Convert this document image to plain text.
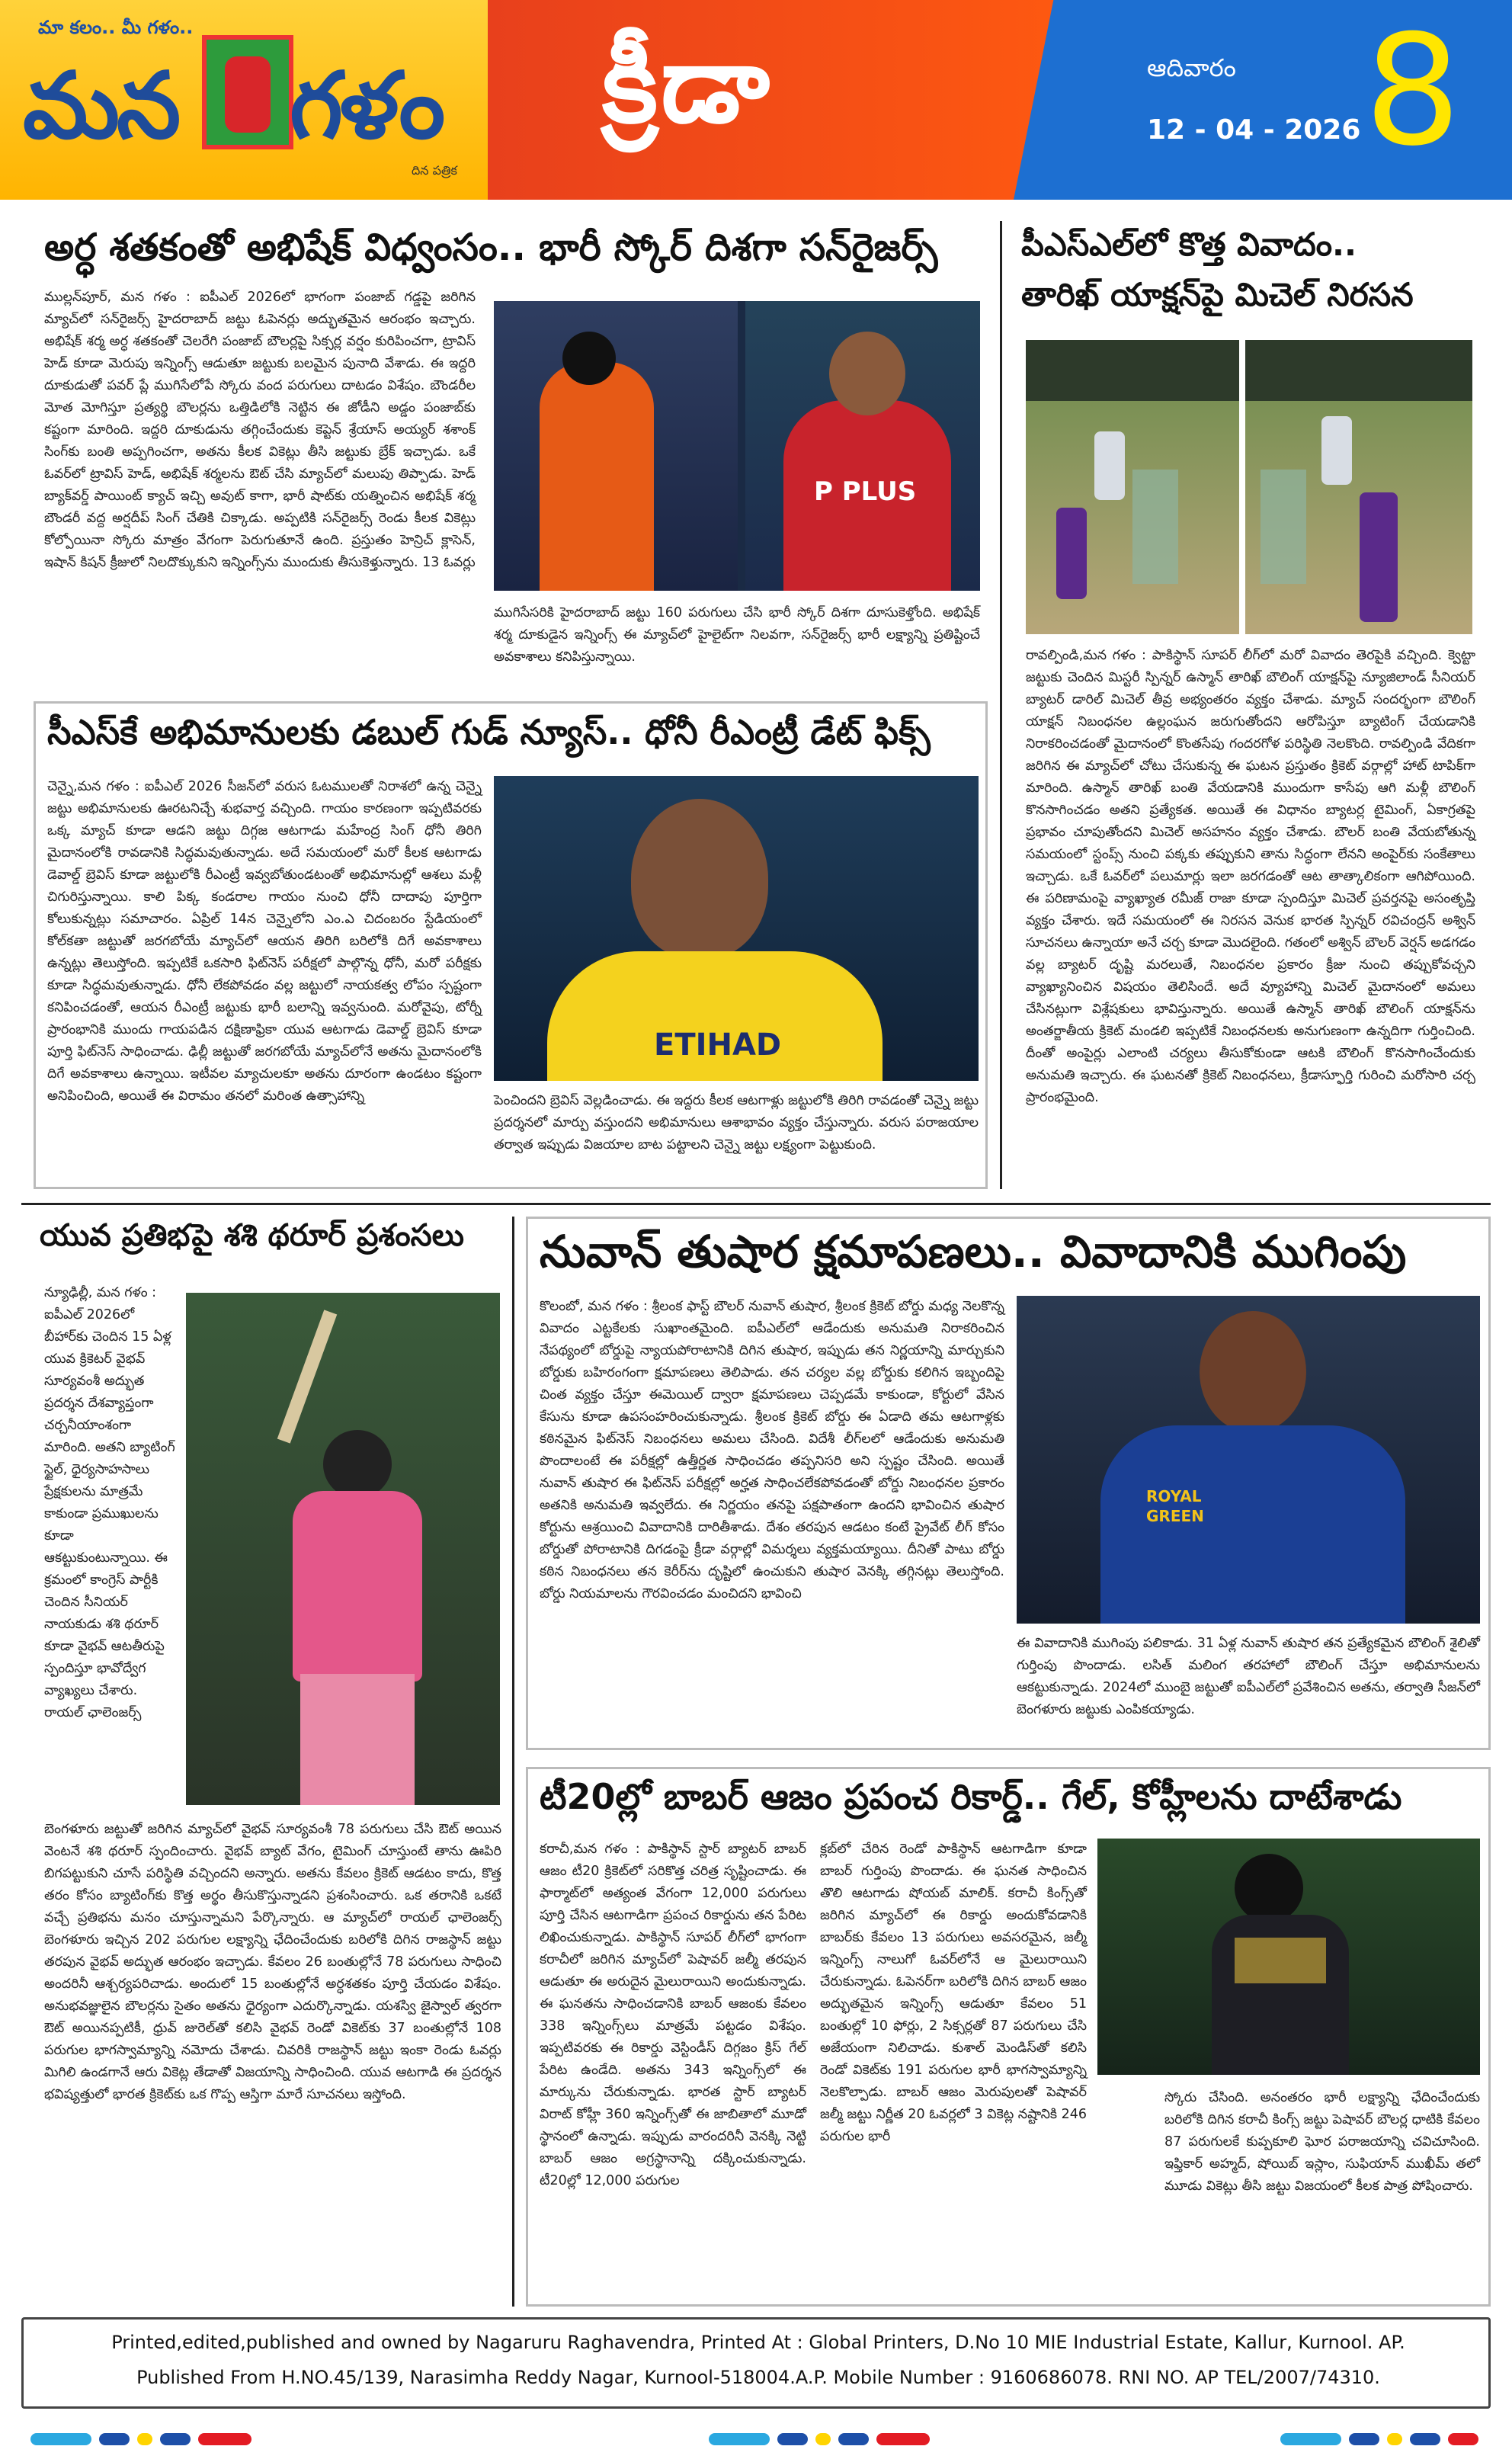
మా కలం.. మీ గళం..
మన గళం
దిన పత్రిక
క్రీడా	ఆదివారం
12 - 04 - 2026 8
అర్ధ శతకంతో అభిషేక్ విధ్వంసం.. భారీ స్కోర్ దిశగా సన్‌రైజర్స్
ముల్లన్‌పూర్, మన గళం : ఐపీఎల్ 2026లో భాగంగా పంజాబ్ గడ్డపై జరిగిన మ్యాచ్‌లో సన్‌రైజర్స్ హైదరాబాద్ జట్టు ఓపెనర్లు అద్భుతమైన ఆరంభం ఇచ్చారు. అభిషేక్ శర్మ అర్ధ శతకంతో చెలరేగి పంజాబ్ బౌలర్లపై సిక్సర్ల వర్షం కురిపించగా, ట్రావిస్ హెడ్ కూడా మెరుపు ఇన్నింగ్స్ ఆడుతూ జట్టుకు బలమైన పునాది వేశాడు. ఈ ఇద్దరి దూకుడుతో పవర్ ప్లే ముగిసేలోపే స్కోరు వంద పరుగులు దాటడం విశేషం. బౌండరీల మోత మోగిస్తూ ప్రత్యర్థి బౌలర్లను ఒత్తిడిలోకి నెట్టిన ఈ జోడీని అడ్డం పంజాబ్‌కు కష్టంగా మారింది. ఇద్దరి దూకుడును తగ్గించేందుకు కెప్టెన్ శ్రేయాస్ అయ్యర్ శశాంక్ సింగ్‌కు బంతి అప్పగించగా, అతను కీలక వికెట్లు తీసి జట్టుకు బ్రేక్ ఇచ్చాడు. ఒకే ఓవర్‌లో ట్రావిస్ హెడ్, అభిషేక్ శర్మలను ఔట్ చేసి మ్యాచ్‌లో మలుపు తిప్పాడు. హెడ్ బ్యాక్‌వర్డ్ పాయింట్ క్యాచ్ ఇచ్చి అవుట్ కాగా, భారీ షాట్‌కు యత్నించిన అభిషేక్ శర్మ బౌండరీ వద్ద అర్షదీప్ సింగ్ చేతికి చిక్కాడు. అప్పటికి సన్‌రైజర్స్ రెండు కీలక వికెట్లు కోల్పోయినా స్కోరు మాత్రం వేగంగా పెరుగుతూనే ఉంది. ప్రస్తుతం హెన్రిచ్ క్లాసెన్, ఇషాన్ కిషన్ క్రీజులో నిలదొక్కుకుని ఇన్నింగ్స్‌ను ముందుకు తీసుకెళ్తున్నారు. 13 ఓవర్లు
P PLUS
ముగిసేసరికి హైదరాబాద్ జట్టు 160 పరుగులు చేసి భారీ స్కోర్ దిశగా దూసుకెళ్తోంది. అభిషేక్ శర్మ దూకుడైన ఇన్నింగ్స్ ఈ మ్యాచ్‌లో హైలైట్‌గా నిలవగా, సన్‌రైజర్స్ భారీ లక్ష్యాన్ని ప్రతిష్టించే అవకాశాలు కనిపిస్తున్నాయి.
పీఎస్ఎల్‌లో కొత్త వివాదం..
తారిఖ్ యాక్షన్‌పై మిచెల్ నిరసన
రావల్పిండి,మన గళం : పాకిస్థాన్ సూపర్ లీగ్‌లో మరో వివాదం తెరపైకి వచ్చింది. క్వెట్టా జట్టుకు చెందిన మిస్టరీ స్పిన్నర్ ఉస్మాన్ తారిఖ్ బౌలింగ్ యాక్షన్‌పై న్యూజిలాండ్ సీనియర్ బ్యాటర్ డారిల్ మిచెల్ తీవ్ర అభ్యంతరం వ్యక్తం చేశాడు. మ్యాచ్ సందర్భంగా బౌలింగ్ యాక్షన్ నిబంధనల ఉల్లంఘన జరుగుతోందని ఆరోపిస్తూ బ్యాటింగ్ చేయడానికి నిరాకరించడంతో మైదానంలో కొంతసేపు గందరగోళ పరిస్థితి నెలకొంది. రావల్పిండి వేదికగా జరిగిన ఈ మ్యాచ్‌లో చోటు చేసుకున్న ఈ ఘటన ప్రస్తుతం క్రికెట్ వర్గాల్లో హాట్ టాపిక్‌గా మారింది. ఉస్మాన్ తారిఖ్ బంతి వేయడానికి ముందుగా కాసేపు ఆగి మళ్లీ బౌలింగ్ కొనసాగించడం అతని ప్రత్యేకత. అయితే ఈ విధానం బ్యాటర్ల టైమింగ్, ఏకాగ్రతపై ప్రభావం చూపుతోందని మిచెల్ అసహనం వ్యక్తం చేశాడు. బౌలర్ బంతి వేయబోతున్న సమయంలో స్టంప్స్ నుంచి పక్కకు తప్పుకుని తాను సిద్ధంగా లేనని అంపైర్‌కు సంకేతాలు ఇచ్చాడు. ఒకే ఓవర్‌లో పలుమార్లు ఇలా జరగడంతో ఆట తాత్కాలికంగా ఆగిపోయింది. ఈ పరిణామంపై వ్యాఖ్యాత రమీజ్ రాజా కూడా స్పందిస్తూ మిచెల్ ప్రవర్తనపై అసంతృప్తి వ్యక్తం చేశారు. ఇదే సమయంలో ఈ నిరసన వెనుక భారత స్పిన్నర్ రవిచంద్రన్ అశ్విన్ సూచనలు ఉన్నాయా అనే చర్చ కూడా మొదలైంది. గతంలో అశ్విన్ బౌలర్ వెర్షన్ అడగడం వల్ల బ్యాటర్ దృష్టి మరలుతే, నిబంధనల ప్రకారం క్రీజు నుంచి తప్పుకోవచ్చని వ్యాఖ్యానించిన విషయం తెలిసిందే. అదే వ్యూహాన్ని మిచెల్ మైదానంలో అమలు చేసినట్లుగా విశ్లేషకులు భావిస్తున్నారు. అయితే ఉస్మాన్ తారిఖ్ బౌలింగ్ యాక్షన్‌ను అంతర్జాతీయ క్రికెట్ మండలి ఇప్పటికే నిబంధనలకు అనుగుణంగా ఉన్నదిగా గుర్తించింది. దీంతో అంపైర్లు ఎలాంటి చర్యలు తీసుకోకుండా ఆటకి బౌలింగ్ కొనసాగించేందుకు అనుమతి ఇచ్చారు. ఈ ఘటనతో క్రికెట్ నిబంధనలు, క్రీడాస్ఫూర్తి గురించి మరోసారి చర్చ ప్రారంభమైంది.
సీఎస్‌కే అభిమానులకు డబుల్ గుడ్ న్యూస్.. ధోనీ రీఎంట్రీ డేట్ ఫిక్స్
చెన్నై,మన గళం : ఐపీఎల్ 2026 సీజన్‌లో వరుస ఓటములతో నిరాశలో ఉన్న చెన్నై జట్టు అభిమానులకు ఊరటనిచ్చే శుభవార్త వచ్చింది. గాయం కారణంగా ఇప్పటివరకు ఒక్క మ్యాచ్ కూడా ఆడని జట్టు దిగ్గజ ఆటగాడు మహేంద్ర సింగ్ ధోనీ తిరిగి మైదానంలోకి రావడానికి సిద్ధమవుతున్నాడు. అదే సమయంలో మరో కీలక ఆటగాడు డెవాల్డ్ బ్రెవిస్ కూడా జట్టులోకి రీఎంట్రీ ఇవ్వబోతుండటంతో అభిమానుల్లో ఆశలు మళ్లీ చిగురిస్తున్నాయి. కాలి పిక్క కండరాల గాయం నుంచి ధోనీ దాదాపు పూర్తిగా కోలుకున్నట్లు సమాచారం. ఏప్రిల్ 14న చెన్నైలోని ఎం.ఎ చిదంబరం స్టేడియంలో కోల్‌కతా జట్టుతో జరగబోయే మ్యాచ్‌లో ఆయన తిరిగి బరిలోకి దిగే అవకాశాలు ఉన్నట్లు తెలుస్తోంది. ఇప్పటికే ఒకసారి ఫిట్‌నెస్ పరీక్షలో పాల్గొన్న ధోనీ, మరో పరీక్షకు కూడా సిద్ధమవుతున్నాడు. ధోనీ లేకపోవడం వల్ల జట్టులో నాయకత్వ లోపం స్పష్టంగా కనిపించడంతో, ఆయన రీఎంట్రీ జట్టుకు భారీ బలాన్ని ఇవ్వనుంది. మరోవైపు, టోర్నీ ప్రారంభానికి ముందు గాయపడిన దక్షిణాఫ్రికా యువ ఆటగాడు డెవాల్డ్ బ్రెవిస్ కూడా పూర్తి ఫిట్‌నెస్ సాధించాడు. ఢిల్లీ జట్టుతో జరగబోయే మ్యాచ్‌లోనే అతను మైదానంలోకి దిగే అవకాశాలు ఉన్నాయి. ఇటీవల మ్యాచులకూ అతను దూరంగా ఉండటం కష్టంగా అనిపించింది, అయితే ఈ విరామం తనలో మరింత ఉత్సాహాన్ని
ETIHAD
పెంచిందని బ్రెవిస్ వెల్లడించాడు. ఈ ఇద్దరు కీలక ఆటగాళ్లు జట్టులోకి తిరిగి రావడంతో చెన్నై జట్టు ప్రదర్శనలో మార్పు వస్తుందని అభిమానులు ఆశాభావం వ్యక్తం చేస్తున్నారు. వరుస పరాజయాల తర్వాత ఇప్పుడు విజయాల బాట పట్టాలని చెన్నై జట్టు లక్ష్యంగా పెట్టుకుంది.
యువ ప్రతిభపై శశి థరూర్ ప్రశంసలు
న్యూఢిల్లీ, మన గళం : ఐపీఎల్ 2026లో బీహార్‌కు చెందిన 15 ఏళ్ల యువ క్రికెటర్ వైభవ్ సూర్యవంశీ అద్భుత ప్రదర్శన దేశవ్యాప్తంగా చర్చనీయాంశంగా మారింది. అతని బ్యాటింగ్ స్టైల్, ధైర్యసాహసాలు ప్రేక్షకులను మాత్రమే కాకుండా ప్రముఖులను కూడా ఆకట్టుకుంటున్నాయి. ఈ క్రమంలో కాంగ్రెస్ పార్టీకి చెందిన సీనియర్ నాయకుడు శశి థరూర్ కూడా వైభవ్ ఆటతీరుపై స్పందిస్తూ భావోద్వేగ వ్యాఖ్యలు చేశారు. రాయల్ ఛాలెంజర్స్
బెంగళూరు జట్టుతో జరిగిన మ్యాచ్‌లో వైభవ్ సూర్యవంశీ 78 పరుగులు చేసి ఔట్ అయిన వెంటనే శశి థరూర్ స్పందించారు. వైభవ్ బ్యాట్ వేగం, టైమింగ్ చూస్తుంటే తాను ఊపిరి బిగపట్టుకుని చూసే పరిస్థితి వచ్చిందని అన్నారు. అతను కేవలం క్రికెట్ ఆడటం కాదు, కొత్త తరం కోసం బ్యాటింగ్‌కు కొత్త అర్థం తీసుకొస్తున్నాడని ప్రశంసించారు. ఒక తరానికి ఒకటే వచ్చే ప్రతిభను మనం చూస్తున్నామని పేర్కొన్నారు. ఆ మ్యాచ్‌లో రాయల్ ఛాలెంజర్స్ బెంగళూరు ఇచ్చిన 202 పరుగుల లక్ష్యాన్ని ఛేదించేందుకు బరిలోకి దిగిన రాజస్థాన్ జట్టు తరపున వైభవ్ అద్భుత ఆరంభం ఇచ్చాడు. కేవలం 26 బంతుల్లోనే 78 పరుగులు సాధించి అందరినీ ఆశ్చర్యపరిచాడు. అందులో 15 బంతుల్లోనే అర్ధశతకం పూర్తి చేయడం విశేషం. అనుభవజ్ఞులైన బౌలర్లను సైతం అతను ధైర్యంగా ఎదుర్కొన్నాడు. యశస్వి జైస్వాల్ త్వరగా ఔట్ అయినప్పటికీ, ధ్రువ్ జురెల్‌తో కలిసి వైభవ్ రెండో వికెట్‌కు 37 బంతుల్లోనే 108 పరుగుల భాగస్వామ్యాన్ని నమోదు చేశాడు. చివరికి రాజస్థాన్ జట్టు ఇంకా రెండు ఓవర్లు మిగిలి ఉండగానే ఆరు వికెట్ల తేడాతో విజయాన్ని సాధించింది. యువ ఆటగాడి ఈ ప్రదర్శన భవిష్యత్తులో భారత క్రికెట్‌కు ఒక గొప్ప ఆస్తిగా మారే సూచనలు ఇస్తోంది.
నువాన్ తుషార క్షమాపణలు.. వివాదానికి ముగింపు
కొలంబో, మన గళం : శ్రీలంక ఫాస్ట్ బౌలర్ నువాన్ తుషార, శ్రీలంక క్రికెట్ బోర్డు మధ్య నెలకొన్న వివాదం ఎట్టకేలకు సుఖాంతమైంది. ఐపీఎల్‌లో ఆడేందుకు అనుమతి నిరాకరించిన నేపథ్యంలో బోర్డుపై న్యాయపోరాటానికి దిగిన తుషార, ఇప్పుడు తన నిర్ణయాన్ని మార్చుకుని బోర్డుకు బహిరంగంగా క్షమాపణలు తెలిపాడు. తన చర్యల వల్ల బోర్డుకు కలిగిన ఇబ్బందిపై చింత వ్యక్తం చేస్తూ ఈమెయిల్ ద్వారా క్షమాపణలు చెప్పడమే కాకుండా, కోర్టులో వేసిన కేసును కూడా ఉపసంహరించుకున్నాడు. శ్రీలంక క్రికెట్ బోర్డు ఈ ఏడాది తమ ఆటగాళ్లకు కఠినమైన ఫిట్‌నెస్ నిబంధనలు అమలు చేసింది. విదేశీ లీగ్‌లలో ఆడేందుకు అనుమతి పొందాలంటే ఈ పరీక్షల్లో ఉత్తీర్ణత సాధించడం తప్పనిసరి అని స్పష్టం చేసింది. అయితే నువాన్ తుషార ఈ ఫిట్‌నెస్ పరీక్షల్లో అర్హత సాధించలేకపోవడంతో బోర్డు నిబంధనల ప్రకారం అతనికి అనుమతి ఇవ్వలేదు. ఈ నిర్ణయం తనపై పక్షపాతంగా ఉందని భావించిన తుషార కోర్టును ఆశ్రయించి వివాదానికి దారితీశాడు. దేశం తరపున ఆడటం కంటే ప్రైవేట్ లీగ్ కోసం బోర్డుతో పోరాటానికి దిగడంపై క్రీడా వర్గాల్లో విమర్శలు వ్యక్తమయ్యాయి. దీనితో పాటు బోర్డు కఠిన నిబంధనలు తన కెరీర్‌ను దృష్టిలో ఉంచుకుని తుషార వెనక్కి తగ్గినట్లు తెలుస్తోంది. బోర్డు నియమాలను గౌరవించడం మంచిదని భావించి
ROYAL GREEN
ఈ వివాదానికి ముగింపు పలికాడు. 31 ఏళ్ల నువాన్ తుషార తన ప్రత్యేకమైన బౌలింగ్ శైలితో గుర్తింపు పొందాడు. లసిత్ మలింగ తరహాలో బౌలింగ్ చేస్తూ అభిమానులను ఆకట్టుకున్నాడు. 2024లో ముంబై జట్టుతో ఐపీఎల్‌లో ప్రవేశించిన అతను, తర్వాతి సీజన్‌లో బెంగళూరు జట్టుకు ఎంపికయ్యాడు.
టీ20ల్లో బాబర్ ఆజం ప్రపంచ రికార్డ్.. గేల్, కోహ్లీలను దాటేశాడు
కరాచీ,మన గళం : పాకిస్థాన్ స్టార్ బ్యాటర్ బాబర్ ఆజం టీ20 క్రికెట్‌లో సరికొత్త చరిత్ర సృష్టించాడు. ఈ ఫార్మాట్‌లో అత్యంత వేగంగా 12,000 పరుగులు పూర్తి చేసిన ఆటగాడిగా ప్రపంచ రికార్డును తన పేరిట లిఖించుకున్నాడు. పాకిస్థాన్ సూపర్ లీగ్‌లో భాగంగా కరాచీలో జరిగిన మ్యాచ్‌లో పెషావర్ జల్మీ తరపున ఆడుతూ ఈ అరుదైన మైలురాయిని అందుకున్నాడు. ఈ ఘనతను సాధించడానికి బాబర్ ఆజంకు కేవలం 338 ఇన్నింగ్స్‌లు మాత్రమే పట్టడం విశేషం. ఇప్పటివరకు ఈ రికార్డు వెస్టిండీస్ దిగ్గజం క్రిస్ గేల్ పేరిట ఉండేది. అతను 343 ఇన్నింగ్స్‌లో ఈ మార్కును చేరుకున్నాడు. భారత స్టార్ బ్యాటర్ విరాట్ కోహ్లీ 360 ఇన్నింగ్స్‌తో ఈ జాబితాలో మూడో స్థానంలో ఉన్నాడు. ఇప్పుడు వారందరినీ వెనక్కి నెట్టి బాబర్ ఆజం అగ్రస్థానాన్ని దక్కించుకున్నాడు. టీ20ల్లో 12,000 పరుగుల
క్లబ్‌లో చేరిన రెండో పాకిస్థాన్ ఆటగాడిగా కూడా బాబర్ గుర్తింపు పొందాడు. ఈ ఘనత సాధించిన తొలి ఆటగాడు షోయబ్ మాలిక్. కరాచీ కింగ్స్‌తో జరిగిన మ్యాచ్‌లో ఈ రికార్డు అందుకోవడానికి బాబర్‌కు కేవలం 13 పరుగులు అవసరమైన, జల్మీ ఇన్నింగ్స్ నాలుగో ఓవర్‌లోనే ఆ మైలురాయిని చేరుకున్నాడు. ఓపెనర్‌గా బరిలోకి దిగిన బాబర్ ఆజం అద్భుతమైన ఇన్నింగ్స్ ఆడుతూ కేవలం 51 బంతుల్లో 10 ఫోర్లు, 2 సిక్సర్లతో 87 పరుగులు చేసి అజేయంగా నిలిచాడు. కుశాల్ మెండిస్‌తో కలిసి రెండో వికెట్‌కు 191 పరుగుల భారీ భాగస్వామ్యాన్ని నెలకొల్పాడు. బాబర్ ఆజం మెరుపులతో పెషావర్ జల్మీ జట్టు నిర్ణీత 20 ఓవర్లలో 3 వికెట్ల నష్టానికి 246 పరుగుల భారీ
స్కోరు చేసింది. అనంతరం భారీ లక్ష్యాన్ని ఛేదించేందుకు బరిలోకి దిగిన కరాచీ కింగ్స్ జట్టు పెషావర్ బౌలర్ల ధాటికి కేవలం 87 పరుగులకే కుప్పకూలి ఘోర పరాజయాన్ని చవిచూసింది. ఇఫ్తికార్ అహ్మద్, షోయిబ్ ఇస్లాం, సుఫియాన్ ముఖీమ్ తలో మూడు వికెట్లు తీసి జట్టు విజయంలో కీలక పాత్ర పోషించారు.
Printed,edited,published and owned by Nagaruru Raghavendra, Printed At : Global Printers, D.No 10 MIE Industrial Estate, Kallur, Kurnool. AP.
Published From H.NO.45/139, Narasimha Reddy Nagar, Kurnool-518004.A.P. Mobile Number : 9160686078. RNI NO. AP TEL/2007/74310.
